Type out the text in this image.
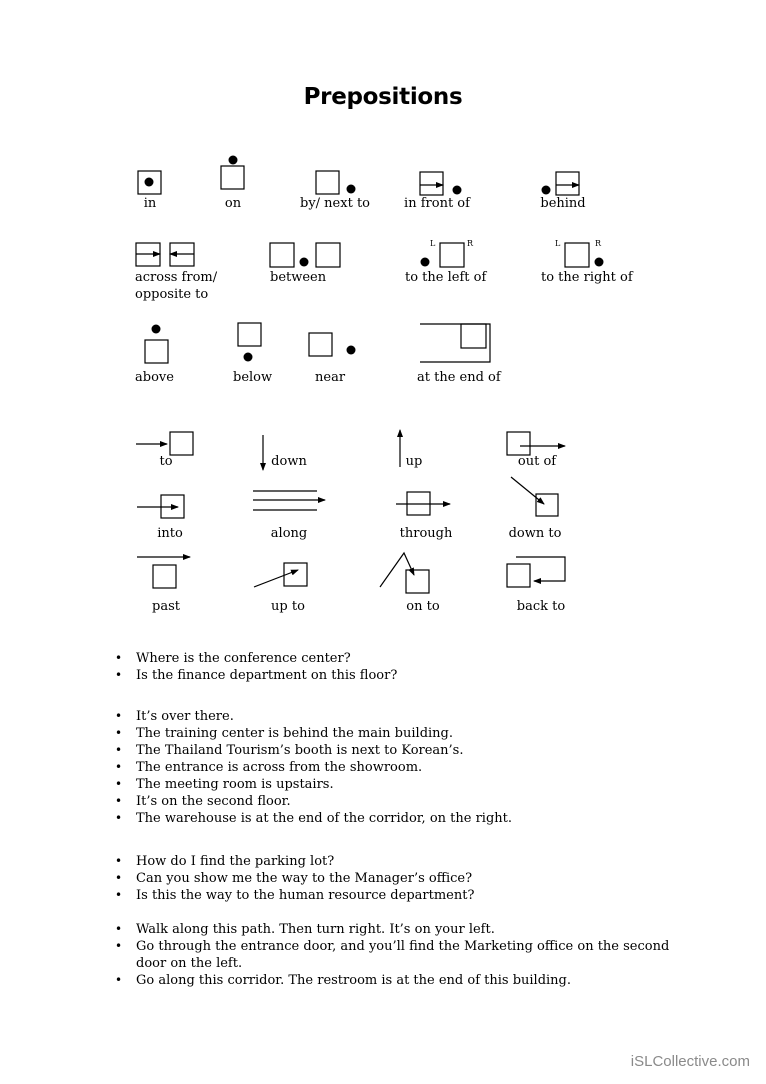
Prepositions
in	on	by/ next to	in front of	behind
across from/
opposite to
between	to the left of	to the right of
L	R	L	R
above	below	near	at the end of
to	down	up	out of
into	along	through	down to
past	up to	on to	back to
• Where is the conference center?
• Is the finance department on this floor?
• It’s over there.
• The training center is behind the main building.
• The Thailand Tourism’s booth is next to Korean’s.
• The entrance is across from the showroom.
• The meeting room is upstairs.
• It’s on the second floor.
• The warehouse is at the end of the corridor, on the right.
• How do I find the parking lot?
• Can you show me the way to the Manager’s office?
• Is this the way to the human resource department?
• Walk along this path. Then turn right. It’s on your left.
• Go through the entrance door, and you’ll find the Marketing office on the second door on the left.
• Go along this corridor. The restroom is at the end of this building.
iSLCollective.com
